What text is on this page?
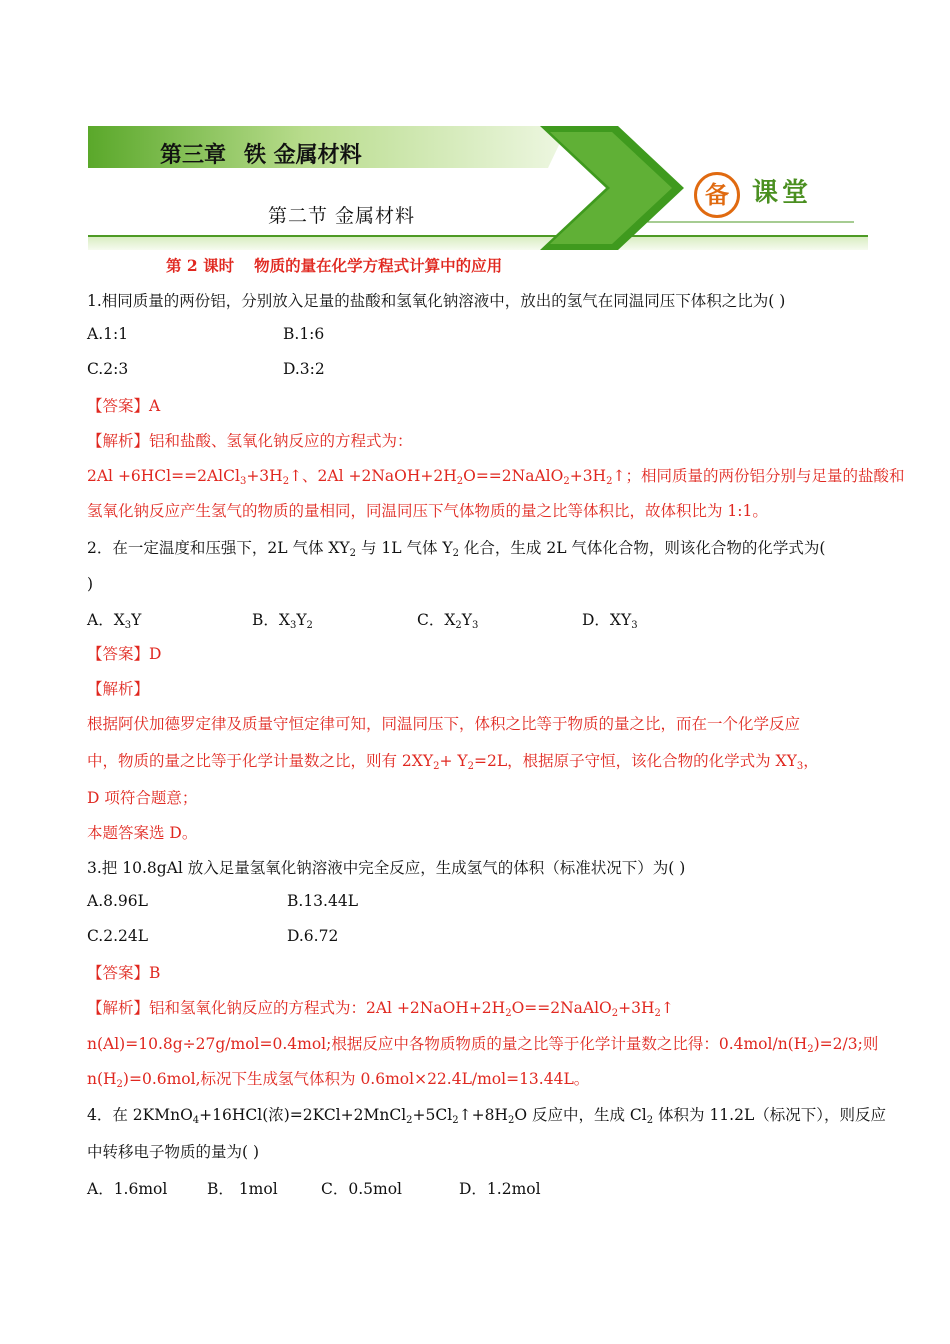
第三章 铁 金属材料
第二节 金属材料
备 课堂
第 2 课时 物质的量在化学方程式计算中的应用
1.相同质量的两份铝，分别放入足量的盐酸和氢氧化钠溶液中，放出的氢气在同温同压下体积之比为( )
A.1:1	B.1:6
C.2:3	D.3:2
【答案】A
【解析】铝和盐酸、氢氧化钠反应的方程式为：
$2Al +6HCl==2AlCl_3+3H_2↑$、$2Al +2NaOH+2H_2O==2NaAlO_2+3H_2↑$；相同质量的两份铝分别与足量的盐酸和
氢氧化钠反应产生氢气的物质的量相同，同温同压下气体物质的量之比等体积比，故体积比为 1:1。
2．在一定温度和压强下，2L 气体 $XY_2$ 与 1L 气体 $Y_2$ 化合，生成 2L 气体化合物，则该化合物的化学式为(
)
A．$X_3Y$	B．$X_3Y_2$	C．$X_2Y_3$	D．$XY_3$
【答案】D
【解析】
根据阿伏加德罗定律及质量守恒定律可知，同温同压下，体积之比等于物质的量之比，而在一个化学反应
中，物质的量之比等于化学计量数之比，则有 $2XY_2+ Y_2=2L$，根据原子守恒，该化合物的化学式为 $XY_3$，
D 项符合题意；
本题答案选 D。
3.把 10.8gAl 放入足量氢氧化钠溶液中完全反应，生成氢气的体积（标准状况下）为( )
A.8.96L	B.13.44L
C.2.24L	D.6.72
【答案】B
【解析】铝和氢氧化钠反应的方程式为：$2Al +2NaOH+2H_2O==2NaAlO_2+3H_2↑$
n(Al)=10.8g÷27g/mol=0.4mol;根据反应中各物质物质的量之比等于化学计量数之比得：$0.4mol/n(H_2)=2/3$;则
$n(H_2)=0.6mol$,标况下生成氢气体积为 0.6mol×22.4L/mol=13.44L。
4．在 2KMnO$_4$+16HCl(浓)$=2KCl+2MnCl_2+5Cl_2↑+8H_2O$ 反应中，生成 $Cl_2$ 体积为 11.2L（标况下），则反应
中转移电子物质的量为( )
A．1.6mol	B． 1mol	C．0.5mol	D．1.2mol
